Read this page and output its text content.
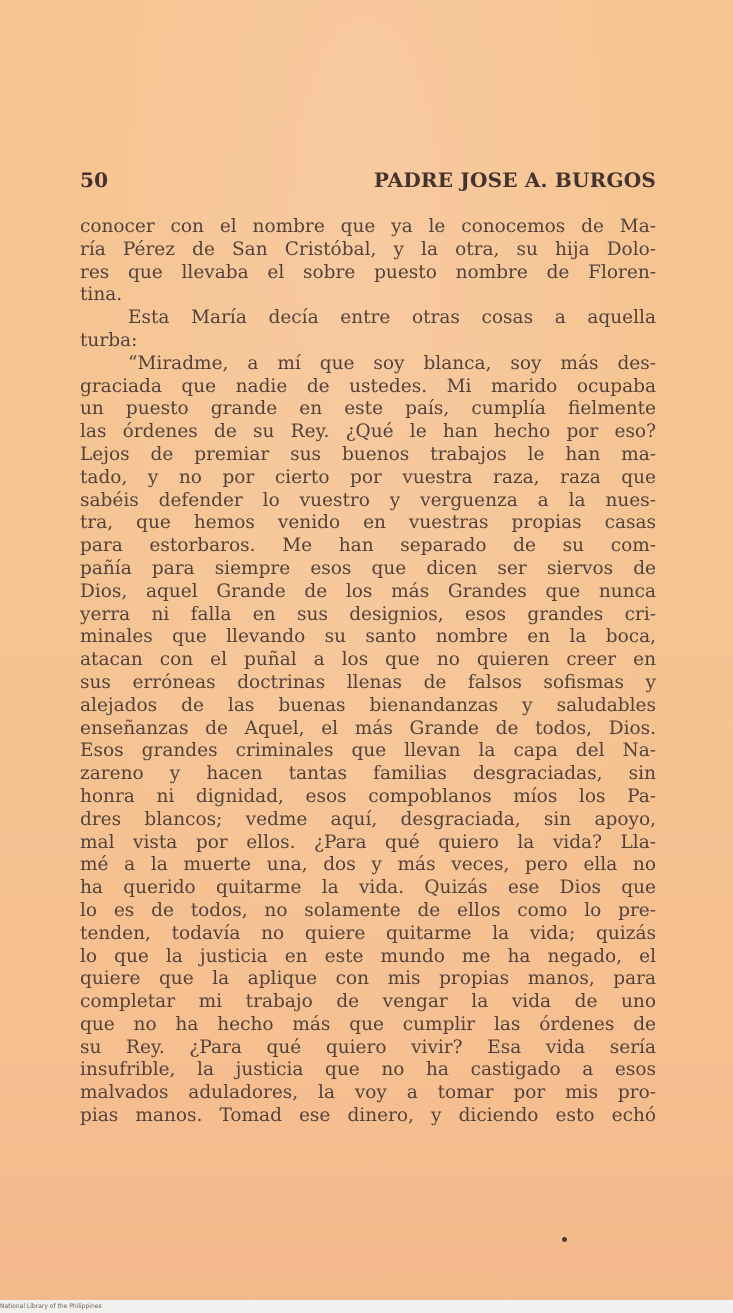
50	PADRE JOSE A. BURGOS
conocer con el nombre que ya le conocemos de Ma-
ría Pérez de San Cristóbal, y la otra, su hija Dolo-
res que llevaba el sobre puesto nombre de Floren-
tina.
Esta María decía entre otras cosas a aquella
turba:
“Miradme, a mí que soy blanca, soy más des-
graciada que nadie de ustedes. Mi marido ocupaba
un puesto grande en este país, cumplía fielmente
las órdenes de su Rey. ¿Qué le han hecho por eso?
Lejos de premiar sus buenos trabajos le han ma-
tado, y no por cierto por vuestra raza, raza que
sabéis defender lo vuestro y verguenza a la nues-
tra, que hemos venido en vuestras propias casas
para estorbaros. Me han separado de su com-
pañía para siempre esos que dicen ser siervos de
Dios, aquel Grande de los más Grandes que nunca
yerra ni falla en sus designios, esos grandes cri-
minales que llevando su santo nombre en la boca,
atacan con el puñal a los que no quieren creer en
sus erróneas doctrinas llenas de falsos sofismas y
alejados de las buenas bienandanzas y saludables
enseñanzas de Aquel, el más Grande de todos, Dios.
Esos grandes criminales que llevan la capa del Na-
zareno y hacen tantas familias desgraciadas, sin
honra ni dignidad, esos compoblanos míos los Pa-
dres blancos; vedme aquí, desgraciada, sin apoyo,
mal vista por ellos. ¿Para qué quiero la vida? Lla-
mé a la muerte una, dos y más veces, pero ella no
ha querido quitarme la vida. Quizás ese Dios que
lo es de todos, no solamente de ellos como lo pre-
tenden, todavía no quiere quitarme la vida; quizás
lo que la justicia en este mundo me ha negado, el
quiere que la aplique con mis propias manos, para
completar mi trabajo de vengar la vida de uno
que no ha hecho más que cumplir las órdenes de
su Rey. ¿Para qué quiero vivir? Esa vida sería
insufrible, la justicia que no ha castigado a esos
malvados aduladores, la voy a tomar por mis pro-
pias manos. Tomad ese dinero, y diciendo esto echó
National Library of the Philippines
